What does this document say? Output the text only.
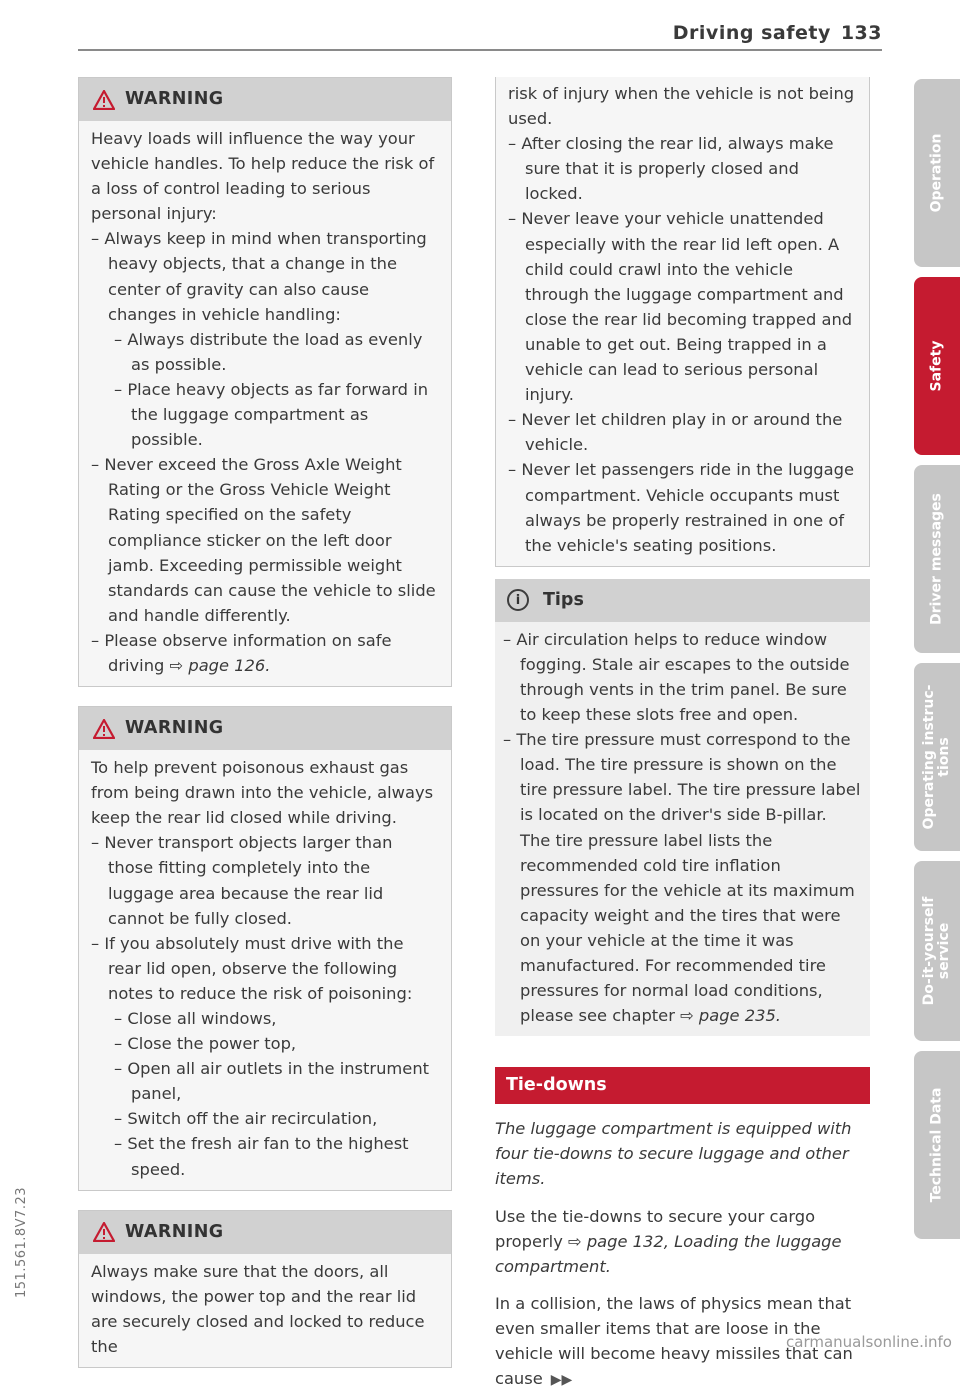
Driving safety 133
WARNING

Heavy loads will influence the way your vehicle handles. To help reduce the risk of a loss of control leading to serious personal injury:

– Always keep in mind when transporting heavy objects, that a change in the center of gravity can also cause changes in vehicle handling:

– Always distribute the load as evenly as possible.

– Place heavy objects as far forward in the luggage compartment as possible.

– Never exceed the Gross Axle Weight Rating or the Gross Vehicle Weight Rating specified on the safety compliance sticker on the left door jamb. Exceeding permissible weight standards can cause the vehicle to slide and handle differently.

– Please observe information on safe driving ⇨ page 126.

WARNING

To help prevent poisonous exhaust gas from being drawn into the vehicle, always keep the rear lid closed while driving.

– Never transport objects larger than those fitting completely into the luggage area because the rear lid cannot be fully closed.

– If you absolutely must drive with the rear lid open, observe the following notes to reduce the risk of poisoning:

– Close all windows,

– Close the power top,

– Open all air outlets in the instrument panel,

– Switch off the air recirculation,

– Set the fresh air fan to the highest speed.

WARNING

Always make sure that the doors, all windows, the power top and the rear lid are securely closed and locked to reduce the

risk of injury when the vehicle is not being used.

– After closing the rear lid, always make sure that it is properly closed and locked.

– Never leave your vehicle unattended especially with the rear lid left open. A child could crawl into the vehicle through the luggage compartment and close the rear lid becoming trapped and unable to get out. Being trapped in a vehicle can lead to serious personal injury.

– Never let children play in or around the vehicle.

– Never let passengers ride in the luggage compartment. Vehicle occupants must always be properly restrained in one of the vehicle's seating positions.

i	Tips

– Air circulation helps to reduce window fogging. Stale air escapes to the outside through vents in the trim panel. Be sure to keep these slots free and open.

– The tire pressure must correspond to the load. The tire pressure is shown on the tire pressure label. The tire pressure label is located on the driver's side B-pillar. The tire pressure label lists the recommended cold tire inflation pressures for the vehicle at its maximum capacity weight and the tires that were on your vehicle at the time it was manufactured. For recommended tire pressures for normal load conditions, please see chapter ⇨ page 235.

Tie-downs

The luggage compartment is equipped with four tie-downs to secure luggage and other items.

Use the tie-downs to secure your cargo properly ⇨ page 132, Loading the luggage compartment.

In a collision, the laws of physics mean that even smaller items that are loose in the vehicle will become heavy missiles that can cause ▶▶

Operation
Safety
Driver messages
Operating instruc-
tions
Do-it-yourself
service
Technical Data
151.561.8V7.23
carmanualsonline.info
